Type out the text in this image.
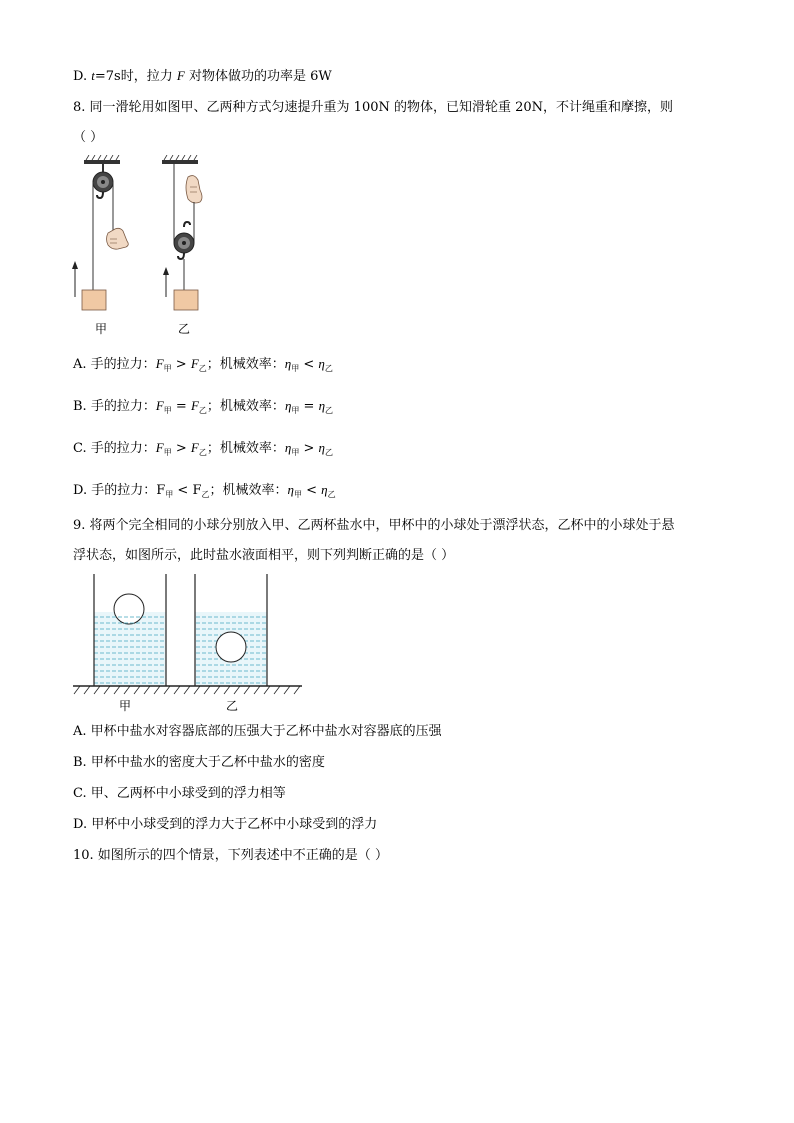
D. t=7s时，拉力 F 对物体做功的功率是 6W
8. 同一滑轮用如图甲、乙两种方式匀速提升重为 100N 的物体，已知滑轮重 20N，不计绳重和摩擦，则
（ ）
甲	乙
A. 手的拉力：$F_甲 > F_乙$；机械效率：$\eta_甲 < \eta_乙$
B. 手的拉力：$F_甲 = F_乙$；机械效率：$\eta_甲 = \eta_乙$
C. 手的拉力：$F_甲 > F_乙$；机械效率：$\eta_甲 > \eta_乙$
D. 手的拉力：$F_甲 < F_乙$；机械效率：$\eta_甲 < \eta_乙$
9. 将两个完全相同的小球分别放入甲、乙两杯盐水中，甲杯中的小球处于漂浮状态，乙杯中的小球处于悬
浮状态，如图所示，此时盐水液面相平，则下列判断正确的是（ ）
甲	乙
A. 甲杯中盐水对容器底部的压强大于乙杯中盐水对容器底的压强
B. 甲杯中盐水的密度大于乙杯中盐水的密度
C. 甲、乙两杯中小球受到的浮力相等
D. 甲杯中小球受到的浮力大于乙杯中小球受到的浮力
10. 如图所示的四个情景，下列表述中不正确的是（ ）
